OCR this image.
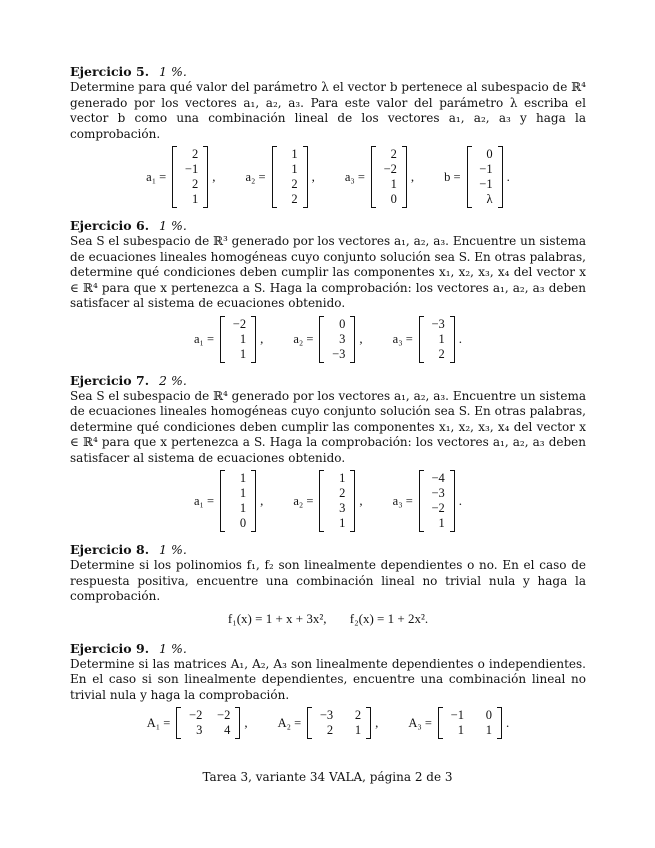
Ejercicio 5. 1 %.
Determine para qué valor del parámetro λ el vector b pertenece al subespacio de ℝ⁴ generado por los vectores a₁, a₂, a₃. Para este valor del parámetro λ escriba el vector b como una combinación lineal de los vectores a₁, a₂, a₃ y haga la comprobación.
a₁ =
2
−1
2
1
, a₂ =
1
1
2
2
, a₃ =
2
−2
1
0
, b =
0
−1
−1
λ
.
Ejercicio 6. 1 %.
Sea S el subespacio de ℝ³ generado por los vectores a₁, a₂, a₃. Encuentre un sistema de ecuaciones lineales homogéneas cuyo conjunto solución sea S. En otras palabras, determine qué condiciones deben cumplir las componentes x₁, x₂, x₃, x₄ del vector x ∈ ℝ⁴ para que x pertenezca a S. Haga la comprobación: los vectores a₁, a₂, a₃ deben satisfacer al sistema de ecuaciones obtenido.
a₁ =
−2
1
1
, a₂ =
0
3
−3
, a₃ =
−3
1
2
.
Ejercicio 7. 2 %.
Sea S el subespacio de ℝ⁴ generado por los vectores a₁, a₂, a₃. Encuentre un sistema de ecuaciones lineales homogéneas cuyo conjunto solución sea S. En otras palabras, determine qué condiciones deben cumplir las componentes x₁, x₂, x₃, x₄ del vector x ∈ ℝ⁴ para que x pertenezca a S. Haga la comprobación: los vectores a₁, a₂, a₃ deben satisfacer al sistema de ecuaciones obtenido.
a₁ =
1
1
1
0
, a₂ =
1
2
3
1
, a₃ =
−4
−3
−2
1
.
Ejercicio 8. 1 %.
Determine si los polinomios f₁, f₂ son linealmente dependientes o no. En el caso de respuesta positiva, encuentre una combinación lineal no trivial nula y haga la comprobación.
f₁(x) = 1 + x + 3x², f₂(x) = 1 + 2x².
Ejercicio 9. 1 %.
Determine si las matrices A₁, A₂, A₃ son linealmente dependientes o independientes. En el caso si son linealmente dependientes, encuentre una combinación lineal no trivial nula y haga la comprobación.
A₁ =
−2 −2
3	4 , A₂ =
−3	2
2	1 , A₃ =
−1	0
1	1 .
Tarea 3, variante 34 VALA, página 2 de 3
